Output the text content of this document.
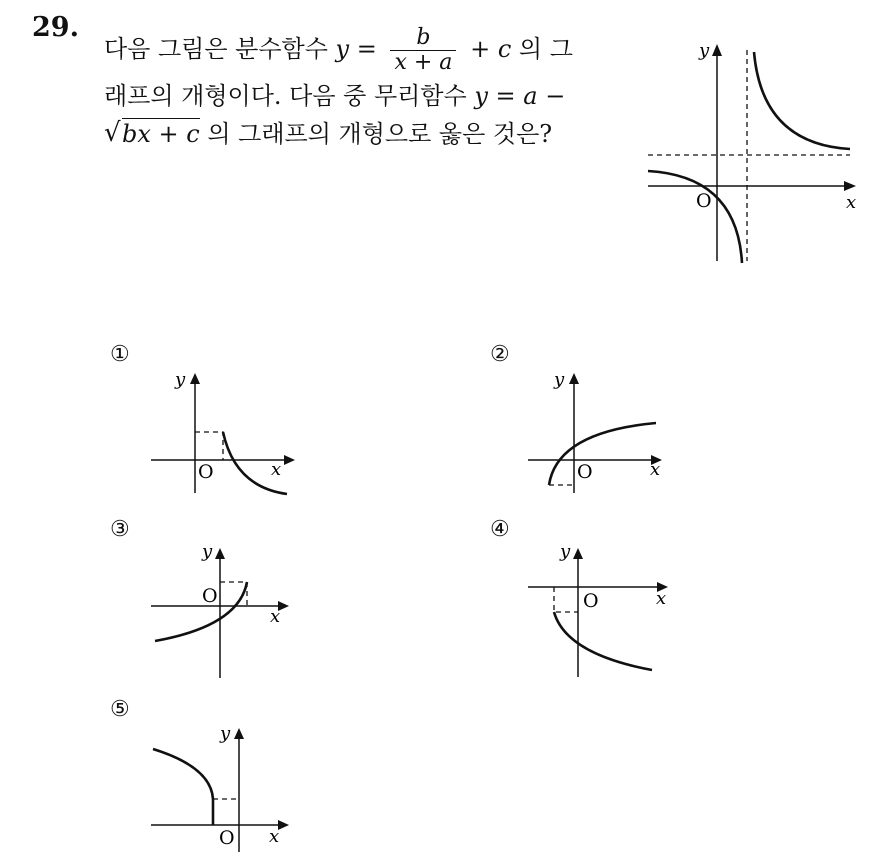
29.
다음 그림은 분수함수 $y = \frac{b}{x + a} + c$ 의 그
래프의 개형이다. 다음 중 무리함수 y = a −
√ bx + c 의 그래프의 개형으로 옳은 것은?
y
x
O
①
y
x
O
②
y
x
O
③
y
x
O
④
y
x
O
⑤
y
x
O
